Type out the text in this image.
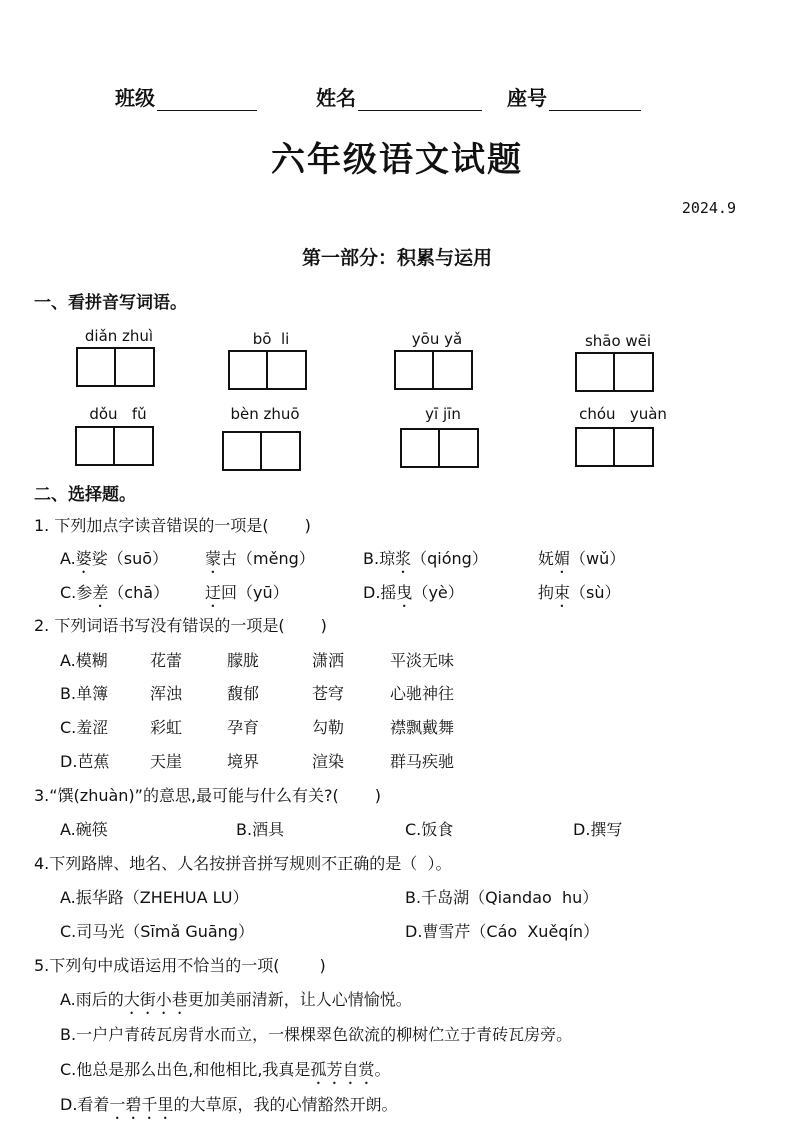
班级	姓名	座号
六年级语文试题
2024.9
第一部分：积累与运用
一、看拼音写词语。
diǎn zhuì	bō  li	yōu yǎ	shāo wēi
dǒu   fǔ	bèn zhuō	yī jīn	chóu   yuàn
二、选择题。
1. 下列加点字读音错误的一项是( )
A.婆娑（suō） 蒙古（měng）	B.琼浆（qióng）	妩媚（wǔ）
C.参差（chā） 迂回（yū）	D.摇曳（yè）	拘束（sù）
2. 下列词语书写没有错误的一项是( )
A.模糊	花蕾	朦胧	潇洒	平淡无味
B.单簿	浑浊	馥郁	苍穹	心驰神往
C.羞涩	彩虹	孕育	勾勒	襟飘戴舞
D.芭蕉	天崖	境界	渲染	群马疾驰
3.“馔(zhuàn)”的意思,最可能与什么有关?( )
A.碗筷	B.酒具	C.饭食	D.撰写
4.下列路牌、地名、人名按拼音拼写规则不正确的是（  ）。
A.振华路（ZHEHUA LU）	B.千岛湖（Qiandao  hu）
C.司马光（Sīmǎ Guāng）	D.曹雪芹（Cáo  Xuěqín）
5.下列句中成语运用不恰当的一项(	)
A.雨后的大街小巷更加美丽清新，让人心情愉悦。
B.一户户青砖瓦房背水而立，一棵棵翠色欲流的柳树伫立于青砖瓦房旁。
C.他总是那么出色,和他相比,我真是孤芳自赏。
D.看着一碧千里的大草原，我的心情豁然开朗。
